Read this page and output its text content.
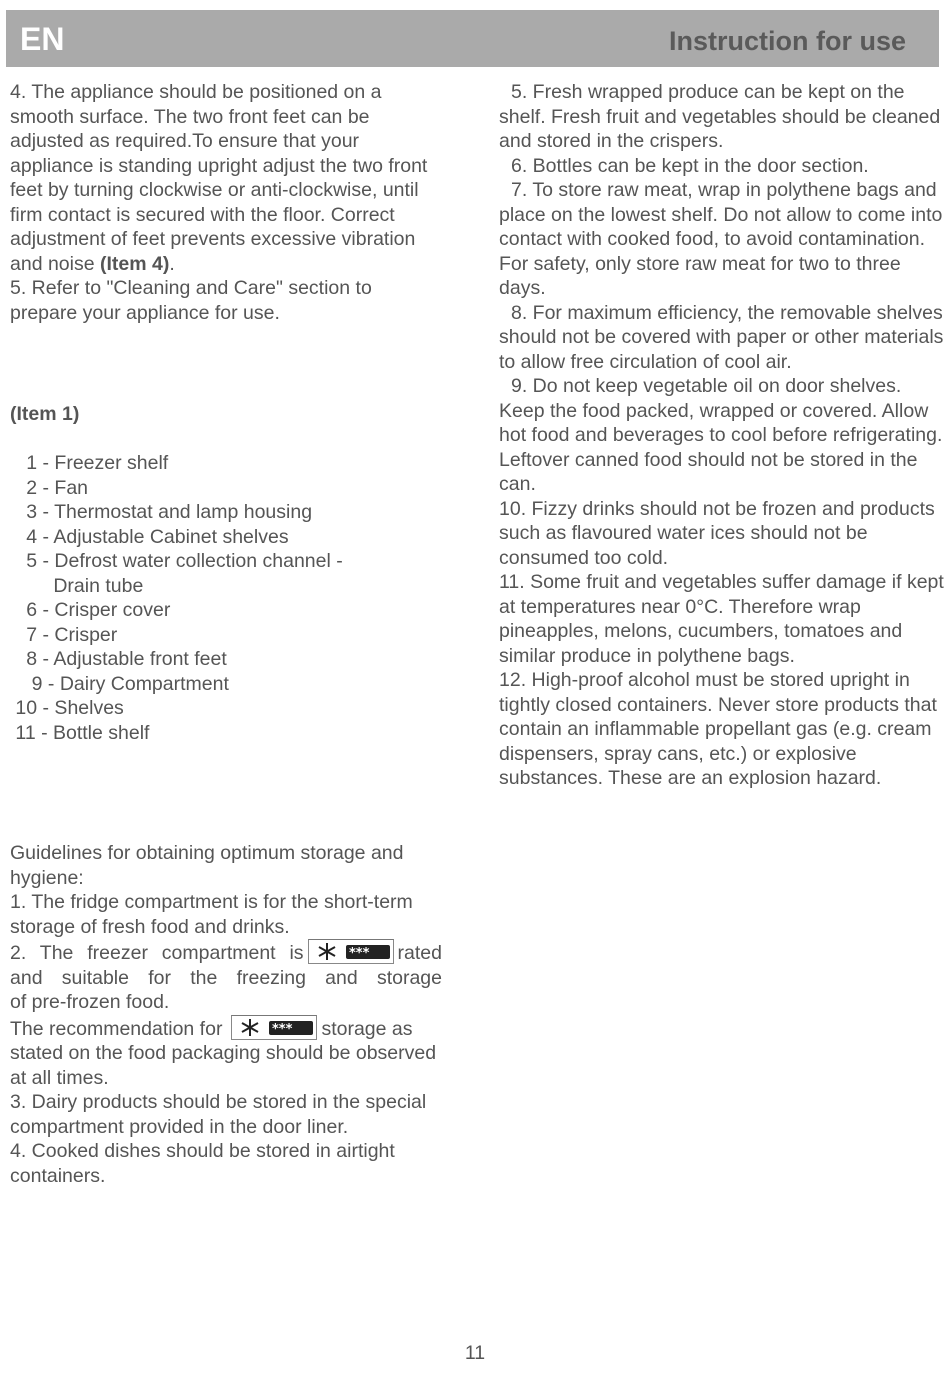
EN	Instruction for use

4. The appliance should be positioned on a smooth surface. The two front feet can be adjusted as required.To ensure that your appliance is standing upright adjust the two front feet by turning clockwise or anti-clockwise, until firm contact is secured with the floor. Correct adjustment of feet prevents excessive vibration and noise (Item 4).

5. Refer to "Cleaning and Care" section to prepare your appliance for use.

(Item 1)
1 - Freezer shelf
2 - Fan
3 - Thermostat and lamp housing
4 - Adjustable Cabinet shelves
5 - Defrost water collection channel -
Drain tube
6 - Crisper cover
7 - Crisper
8 - Adjustable front feet
9 - Dairy Compartment
10 - Shelves
11 - Bottle shelf

Guidelines for obtaining optimum storage and hygiene:

1. The fridge compartment is for the short-term storage of fresh food and drinks.

2. The freezer compartment is	*** rated

and suitable for the freezing and storage

of pre-frozen food.

The recommendation for	*** storage as

stated on the food packaging should be observed at all times.

3. Dairy products should be stored in the special compartment provided in the door liner.

4. Cooked dishes should be stored in airtight containers.

5. Fresh wrapped produce can be kept on the shelf. Fresh fruit and vegetables should be cleaned and stored in the crispers.

6. Bottles can be kept in the door section.

7. To store raw meat, wrap in polythene bags and place on the lowest shelf. Do not allow to come into contact with cooked food, to avoid contamination. For safety, only store raw meat for two to three days.

8. For maximum efficiency, the removable shelves should not be covered with paper or other materials to allow free circulation of cool air.

9. Do not keep vegetable oil on door shelves. Keep the food packed, wrapped or covered. Allow hot food and beverages to cool before refrigerating. Leftover canned food should not be stored in the can.

10. Fizzy drinks should not be frozen and products such as flavoured water ices should not be consumed too cold.

11. Some fruit and vegetables suffer damage if kept at temperatures near 0°C. Therefore wrap pineapples, melons, cucumbers, tomatoes and similar produce in polythene bags.

12. High-proof alcohol must be stored upright in tightly closed containers. Never store products that contain an inflammable propellant gas (e.g. cream dispensers, spray cans, etc.) or explosive substances. These are an explosion hazard.

11
